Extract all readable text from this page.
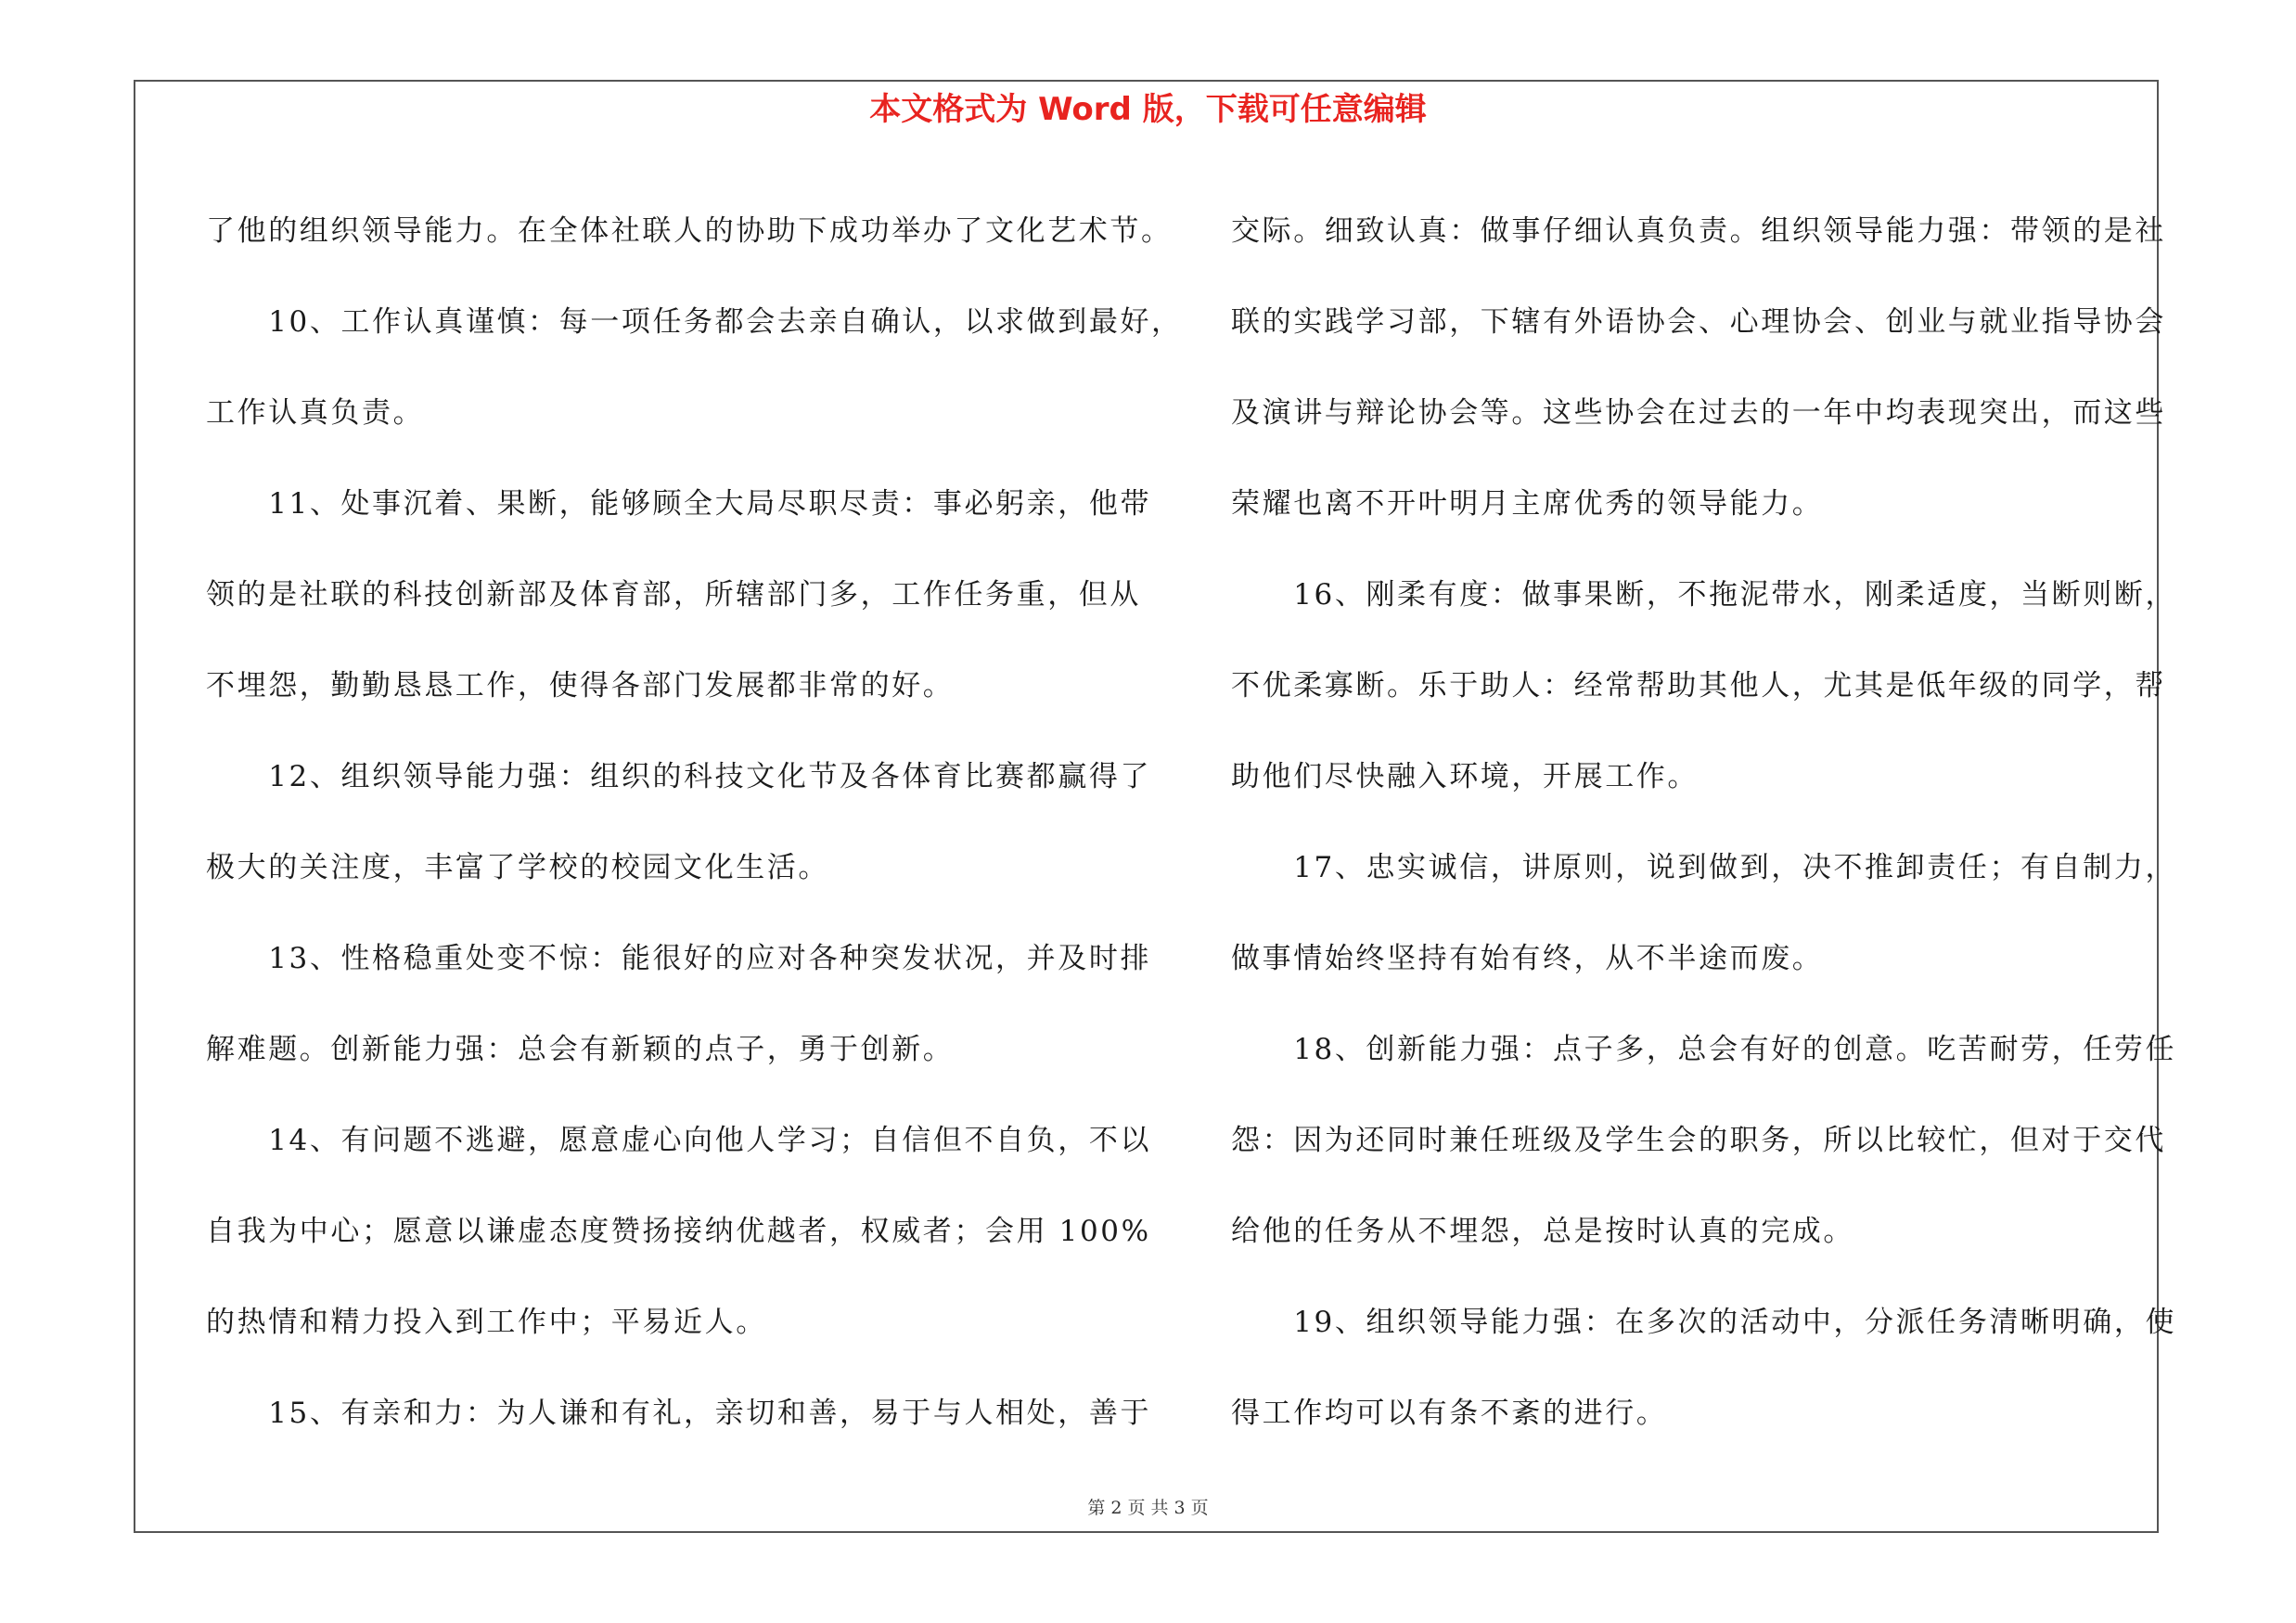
本文格式为 Word 版，下载可任意编辑

了他的组织领导能力。在全体社联人的协助下成功举办了文化艺术节。

　　10、工作认真谨慎：每一项任务都会去亲自确认，以求做到最好，

工作认真负责。

　　11、处事沉着、果断，能够顾全大局尽职尽责：事必躬亲，他带

领的是社联的科技创新部及体育部，所辖部门多，工作任务重，但从

不埋怨，勤勤恳恳工作，使得各部门发展都非常的好。

　　12、组织领导能力强：组织的科技文化节及各体育比赛都赢得了

极大的关注度，丰富了学校的校园文化生活。

　　13、性格稳重处变不惊：能很好的应对各种突发状况，并及时排

解难题。创新能力强：总会有新颖的点子，勇于创新。

　　14、有问题不逃避，愿意虚心向他人学习；自信但不自负，不以

自我为中心；愿意以谦虚态度赞扬接纳优越者，权威者；会用 100%

的热情和精力投入到工作中；平易近人。

　　15、有亲和力：为人谦和有礼，亲切和善，易于与人相处，善于

交际。细致认真：做事仔细认真负责。组织领导能力强：带领的是社

联的实践学习部，下辖有外语协会、心理协会、创业与就业指导协会

及演讲与辩论协会等。这些协会在过去的一年中均表现突出，而这些

荣耀也离不开叶明月主席优秀的领导能力。

　　16、刚柔有度：做事果断，不拖泥带水，刚柔适度，当断则断，

不优柔寡断。乐于助人：经常帮助其他人，尤其是低年级的同学，帮

助他们尽快融入环境，开展工作。

　　17、忠实诚信，讲原则，说到做到，决不推卸责任；有自制力，

做事情始终坚持有始有终，从不半途而废。

　　18、创新能力强：点子多，总会有好的创意。吃苦耐劳，任劳任

怨：因为还同时兼任班级及学生会的职务，所以比较忙，但对于交代

给他的任务从不埋怨，总是按时认真的完成。

　　19、组织领导能力强：在多次的活动中，分派任务清晰明确，使

得工作均可以有条不紊的进行。

第 2 页 共 3 页
